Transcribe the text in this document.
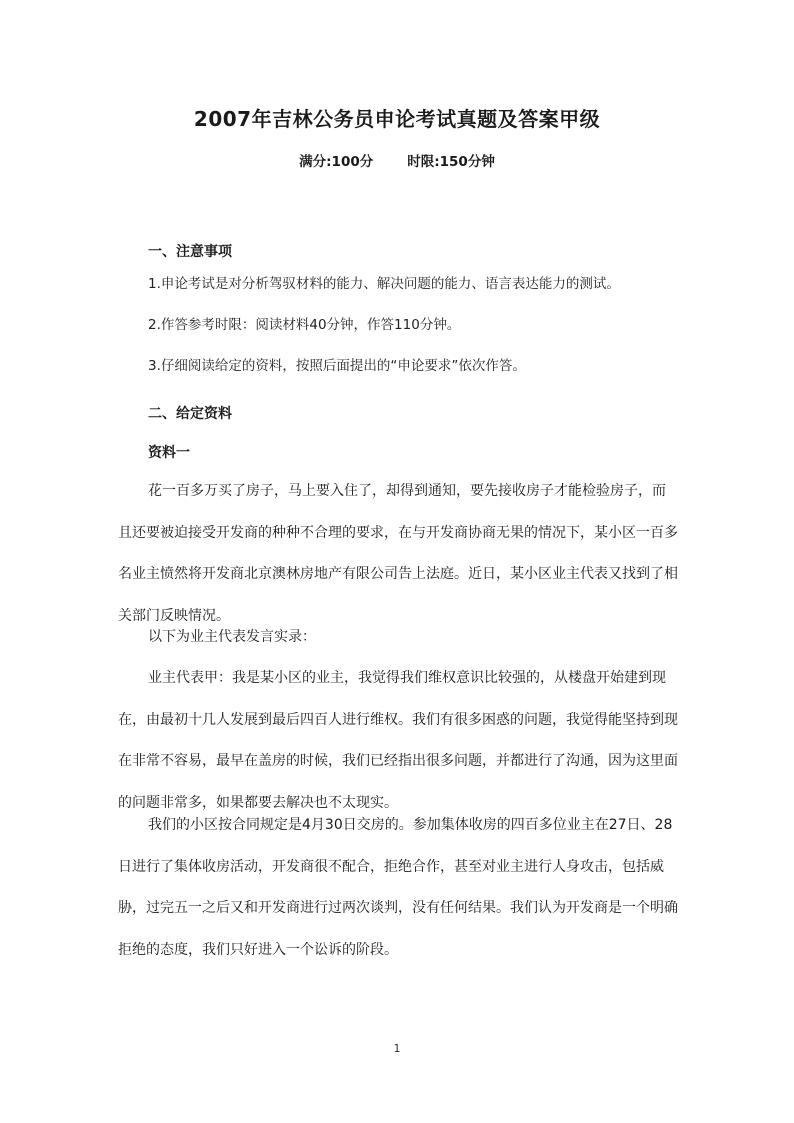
2007年吉林公务员申论考试真题及答案甲级
满分:100分	时限:150分钟
一、注意事项
1.申论考试是对分析驾驭材料的能力、解决问题的能力、语言表达能力的测试。
2.作答参考时限：阅读材料40分钟，作答110分钟。
3.仔细阅读给定的资料，按照后面提出的“申论要求”依次作答。
二、给定资料
资料一

花一百多万买了房子，马上要入住了，却得到通知，要先接收房子才能检验房子，而且还要被迫接受开发商的种种不合理的要求，在与开发商协商无果的情况下，某小区一百多名业主愤然将开发商北京澳林房地产有限公司告上法庭。近日，某小区业主代表又找到了相关部门反映情况。

以下为业主代表发言实录：

业主代表甲：我是某小区的业主，我觉得我们维权意识比较强的，从楼盘开始建到现在，由最初十几人发展到最后四百人进行维权。我们有很多困惑的问题，我觉得能坚持到现在非常不容易，最早在盖房的时候，我们已经指出很多问题，并都进行了沟通，因为这里面的问题非常多，如果都要去解决也不太现实。

我们的小区按合同规定是4月30日交房的。参加集体收房的四百多位业主在27日、28日进行了集体收房活动，开发商很不配合，拒绝合作，甚至对业主进行人身攻击，包括威胁，过完五一之后又和开发商进行过两次谈判，没有任何结果。我们认为开发商是一个明确拒绝的态度，我们只好进入一个讼诉的阶段。

1
